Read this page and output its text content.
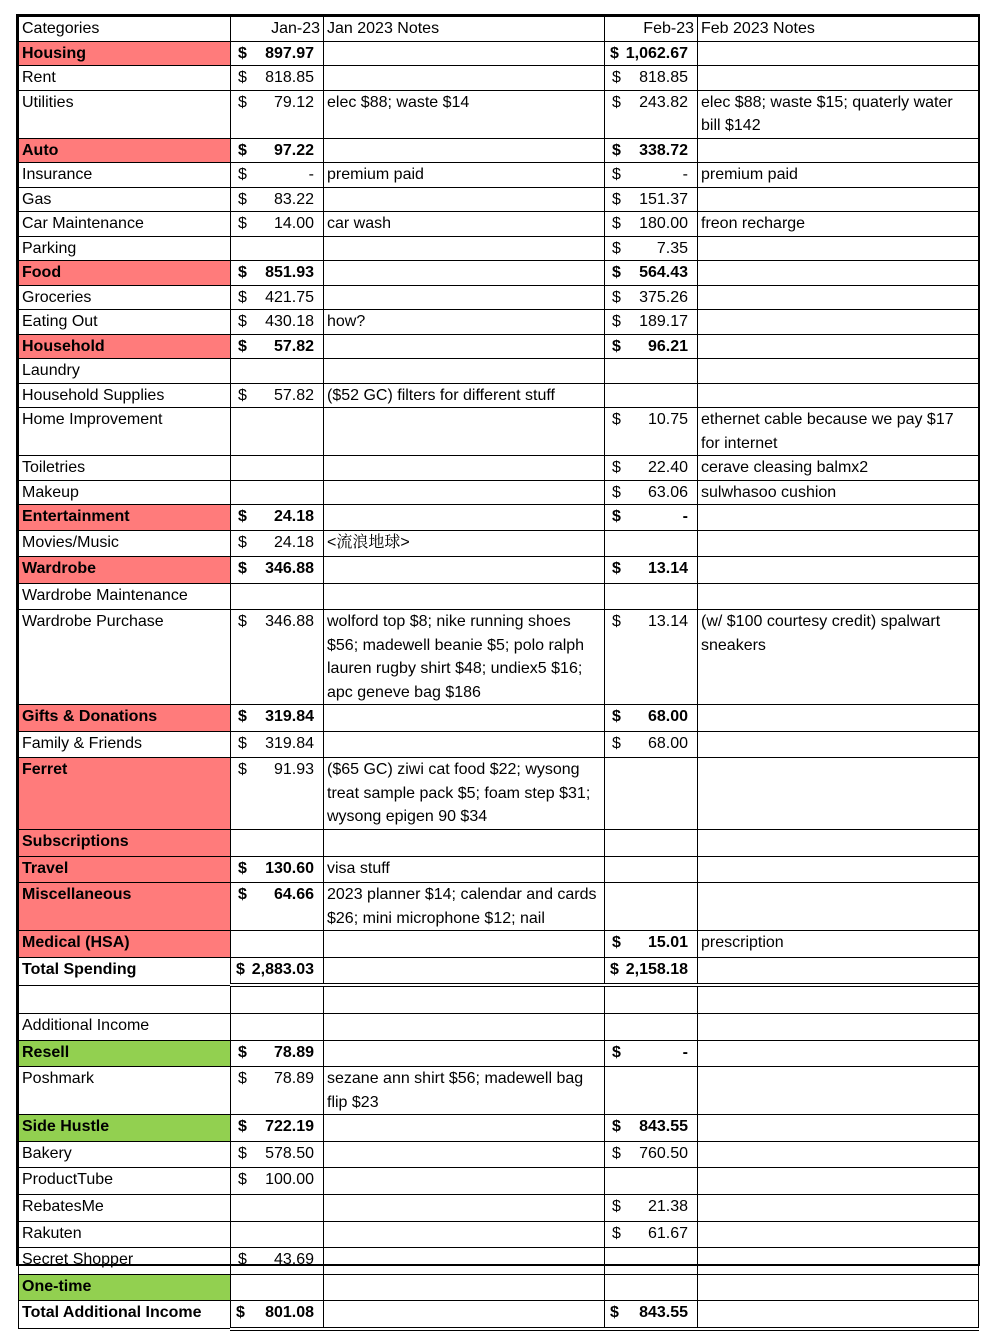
Categories	Jan-23	Jan 2023 Notes	Feb-23	Feb 2023 Notes
Housing	$ 897.97		$ 1,062.67	

Rent	$ 818.85		$ 818.85	

Utilities	$ 79.12	elec $88; waste $14	$ 243.82	elec $88; waste $15; quaterly water bill $142
Auto	$ 97.22		$ 338.72	

Insurance	$ -	premium paid	$ -	premium paid
Gas	$ 83.22		$ 151.37	

Car Maintenance	$ 14.00	car wash	$ 180.00	freon recharge
Parking			$ 7.35	

Food	$ 851.93		$ 564.43	

Groceries	$ 421.75		$ 375.26	

Eating Out	$ 430.18	how?	$ 189.17	

Household	$ 57.82		$ 96.21	

Laundry				
Household Supplies	$ 57.82	($52 GC) filters for different stuff		
Home Improvement			$ 10.75	ethernet cable because we pay $17 for internet
Toiletries			$ 22.40	cerave cleasing balmx2
Makeup			$ 63.06	sulwhasoo cushion
Entertainment	$ 24.18		$ -	

Movies/Music	$ 24.18	<流浪地球>		
Wardrobe	$ 346.88		$ 13.14	

Wardrobe Maintenance				
Wardrobe Purchase	$ 346.88	wolford top $8; nike running shoes $56; madewell beanie $5; polo ralph lauren rugby shirt $48; undiex5 $16; apc geneve bag $186	$ 13.14	(w/ $100 courtesy credit) spalwart sneakers
Gifts & Donations	$ 319.84		$ 68.00	

Family & Friends	$ 319.84		$ 68.00	

Ferret	$ 91.93	($65 GC) ziwi cat food $22; wysong treat sample pack $5; foam step $31; wysong epigen 90 $34		
Subscriptions				
Travel	$ 130.60	visa stuff		
Miscellaneous	$ 64.66	2023 planner $14; calendar and cards $26; mini microphone $12; nail		
Medical (HSA)			$ 15.01	prescription
Total Spending	$ 2,883.03		$ 2,158.18	

Additional Income				
Resell	$ 78.89		$ -	

Poshmark	$ 78.89	sezane ann shirt $56; madewell bag flip $23		
Side Hustle	$ 722.19		$ 843.55	

Bakery	$ 578.50		$ 760.50	

ProductTube	$ 100.00			

RebatesMe			$ 21.38	

Rakuten			$ 61.67	

Secret Shopper	$ 43.69			

One-time				
Total Additional Income	$ 801.08		$ 843.55	
